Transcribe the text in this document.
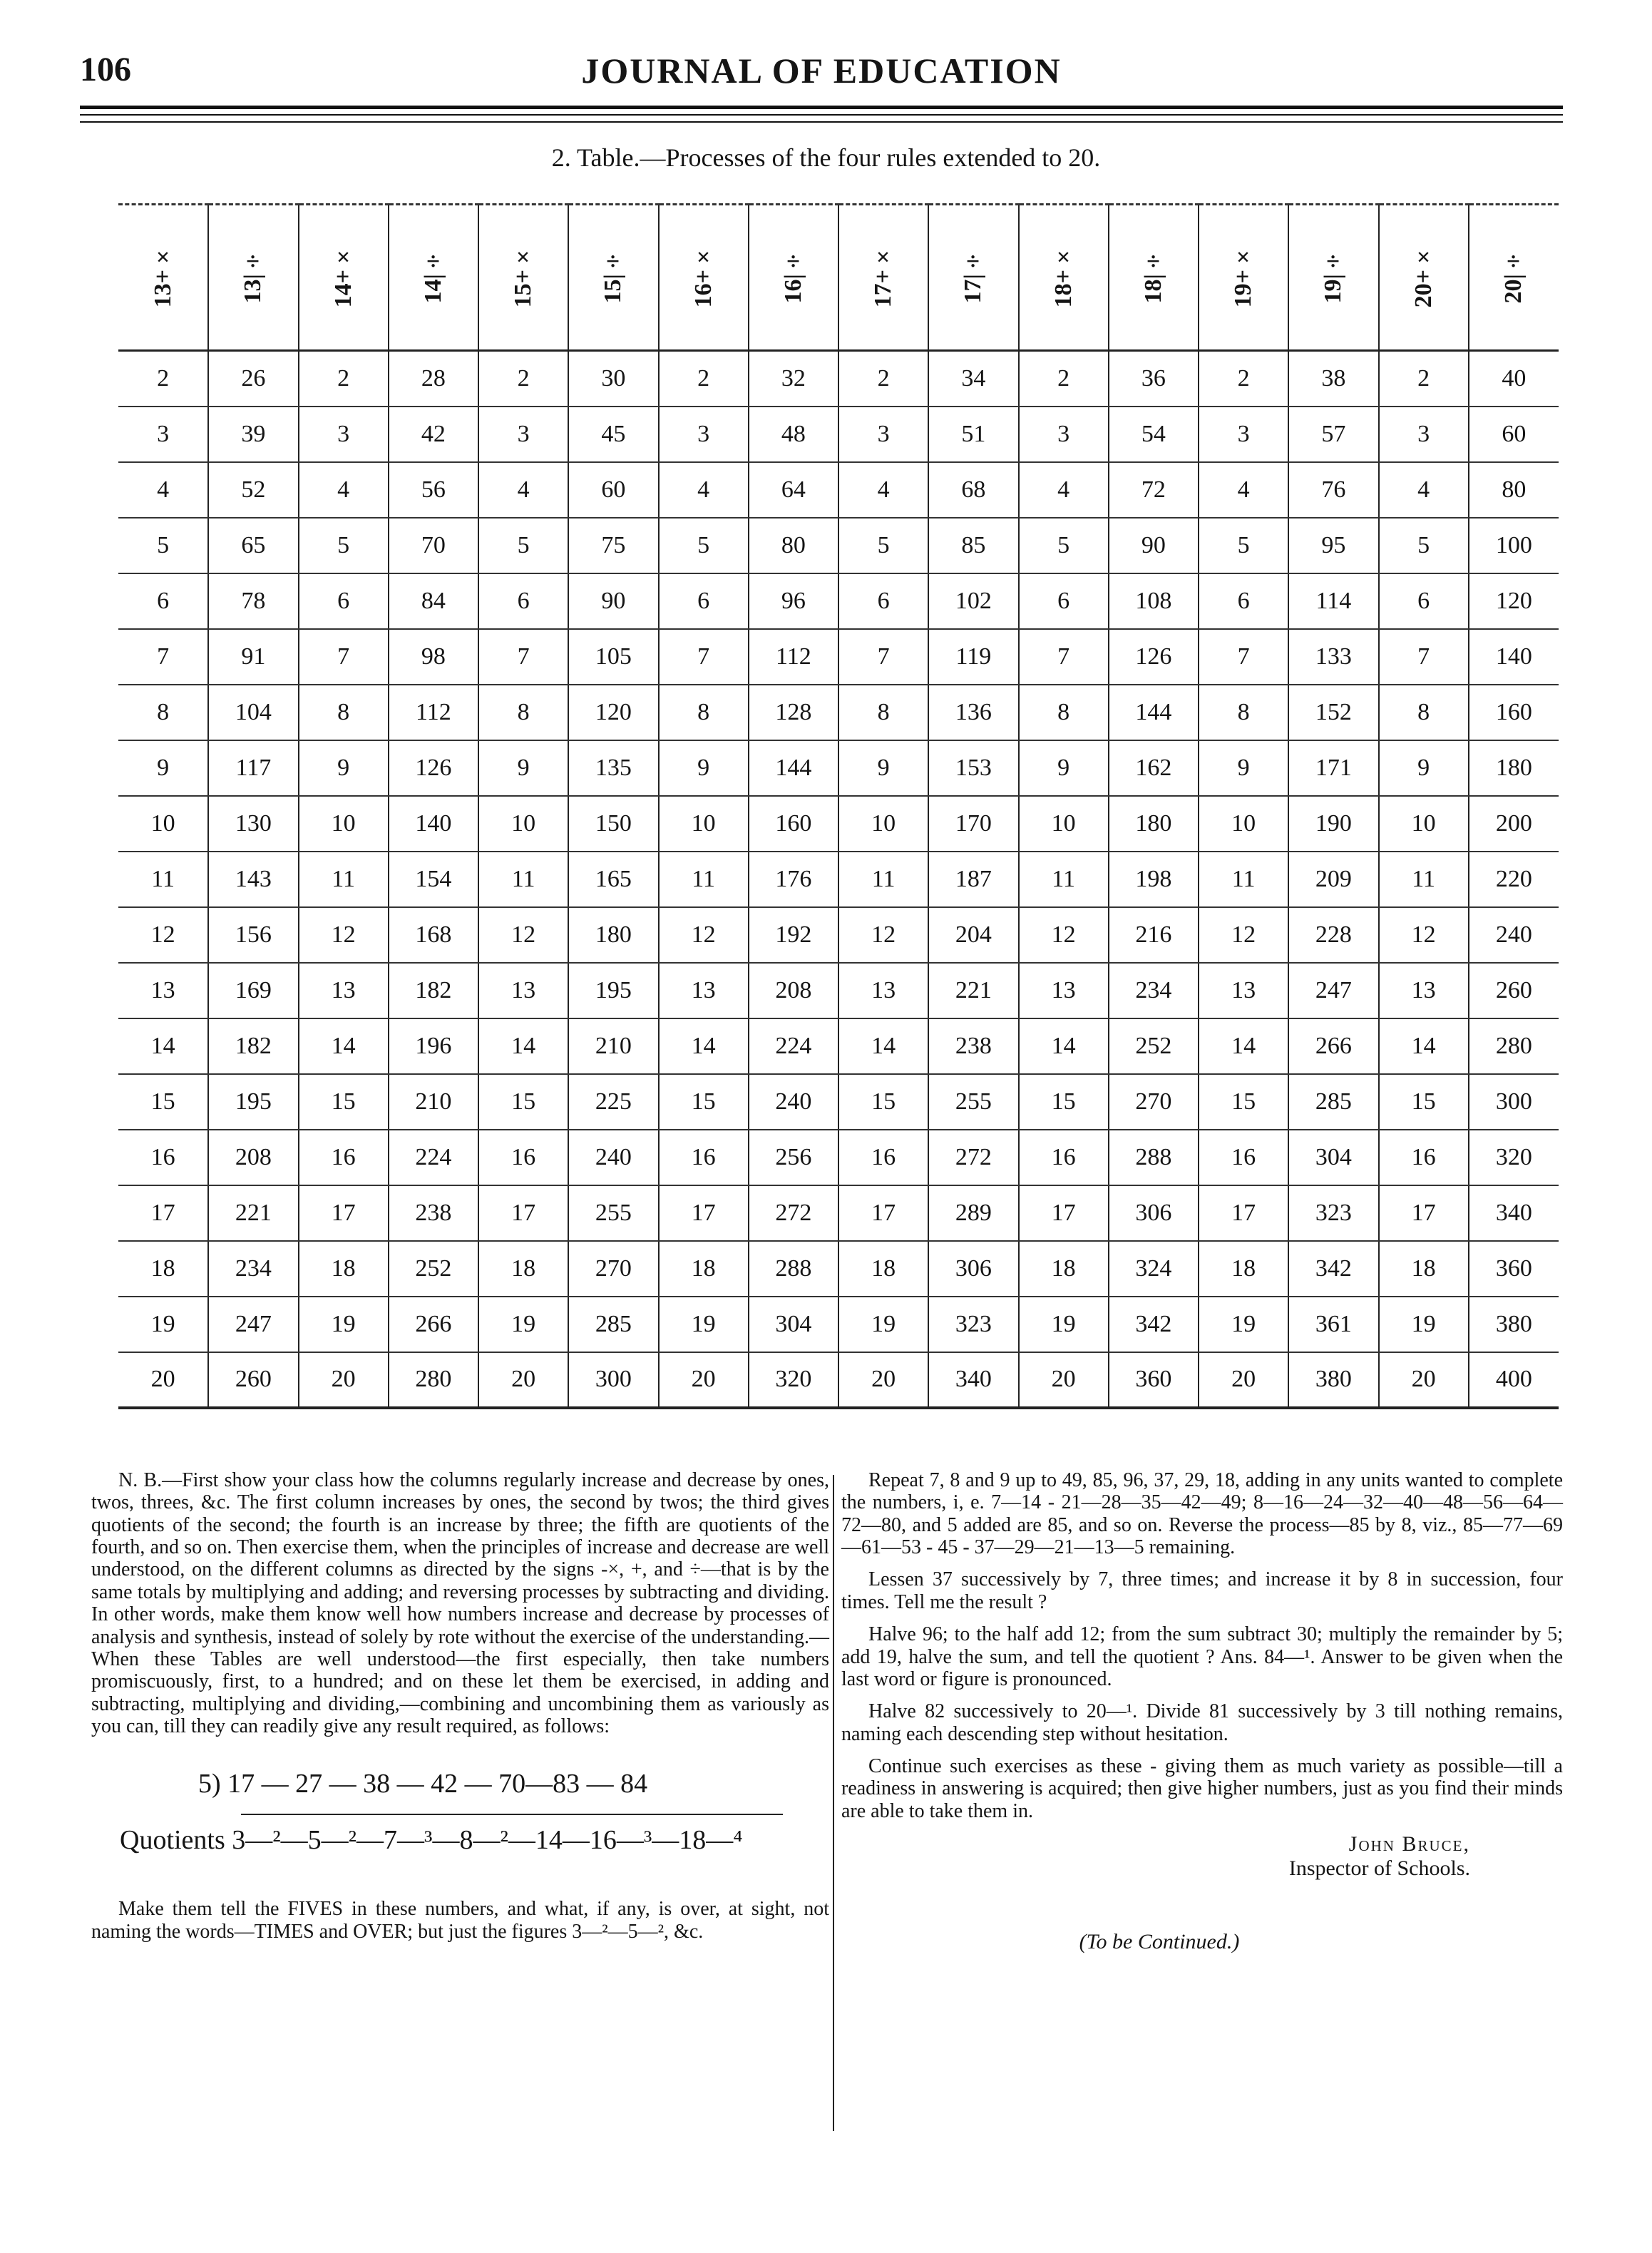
106	JOURNAL OF EDUCATION
2. Table.—Processes of the four rules extended to 20.
13+×	13|÷	14+×	14|÷	15+×	15|÷	16+×	16|÷	17+×	17|÷	18+×	18|÷	19+×	19|÷	20+×	20|÷
2	26	2	28	2	30	2	32	2	34	2	36	2	38	2	40
3	39	3	42	3	45	3	48	3	51	3	54	3	57	3	60
4	52	4	56	4	60	4	64	4	68	4	72	4	76	4	80
5	65	5	70	5	75	5	80	5	85	5	90	5	95	5	100
6	78	6	84	6	90	6	96	6	102	6	108	6	114	6	120
7	91	7	98	7	105	7	112	7	119	7	126	7	133	7	140
8	104	8	112	8	120	8	128	8	136	8	144	8	152	8	160
9	117	9	126	9	135	9	144	9	153	9	162	9	171	9	180
10	130	10	140	10	150	10	160	10	170	10	180	10	190	10	200
11	143	11	154	11	165	11	176	11	187	11	198	11	209	11	220
12	156	12	168	12	180	12	192	12	204	12	216	12	228	12	240
13	169	13	182	13	195	13	208	13	221	13	234	13	247	13	260
14	182	14	196	14	210	14	224	14	238	14	252	14	266	14	280
15	195	15	210	15	225	15	240	15	255	15	270	15	285	15	300
16	208	16	224	16	240	16	256	16	272	16	288	16	304	16	320
17	221	17	238	17	255	17	272	17	289	17	306	17	323	17	340
18	234	18	252	18	270	18	288	18	306	18	324	18	342	18	360
19	247	19	266	19	285	19	304	19	323	19	342	19	361	19	380
20	260	20	280	20	300	20	320	20	340	20	360	20	380	20	400

N. B.—First show your class how the columns regularly increase and decrease by ones, twos, threes, &c. The first column increases by ones, the second by twos; the third gives quotients of the second; the fourth is an increase by three; the fifth are quotients of the fourth, and so on. Then exercise them, when the principles of increase and decrease are well understood, on the different columns as directed by the signs -×, +, and ÷—that is by the same totals by multiplying and adding; and reversing processes by subtracting and dividing. In other words, make them know well how numbers increase and decrease by processes of analysis and synthesis, instead of solely by rote without the exercise of the understanding.—When these Tables are well understood—the first especially, then take numbers promiscuously, first, to a hundred; and on these let them be exercised, in adding and subtracting, multiplying and dividing,—combining and uncombining them as variously as you can, till they can readily give any result required, as follows:

5) 17 — 27 — 38 — 42 — 70—83 — 84

Quotients 3—²—5—²—7—³—8—²—14—16—³—18—⁴

Make them tell the FIVES in these numbers, and what, if any, is over, at sight, not naming the words—TIMES and OVER; but just the figures 3—²—5—², &c.

Repeat 7, 8 and 9 up to 49, 85, 96, 37, 29, 18, adding in any units wanted to complete the numbers, i, e. 7—14 - 21—28—35—42—49; 8—16—24—32—40—48—56—64—72—80, and 5 added are 85, and so on. Reverse the process—85 by 8, viz., 85—77—69—61—53 - 45 - 37—29—21—13—5 remaining.

Lessen 37 successively by 7, three times; and increase it by 8 in succession, four times. Tell me the result ?

Halve 96; to the half add 12; from the sum subtract 30; multiply the remainder by 5; add 19, halve the sum, and tell the quotient ? Ans. 84—¹. Answer to be given when the last word or figure is pronounced.

Halve 82 successively to 20—¹. Divide 81 successively by 3 till nothing remains, naming each descending step without hesitation.

Continue such exercises as these - giving them as much variety as possible—till a readiness in answering is acquired; then give higher numbers, just as you find their minds are able to take them in.

John Bruce,
Inspector of Schools.
(To be Continued.)
